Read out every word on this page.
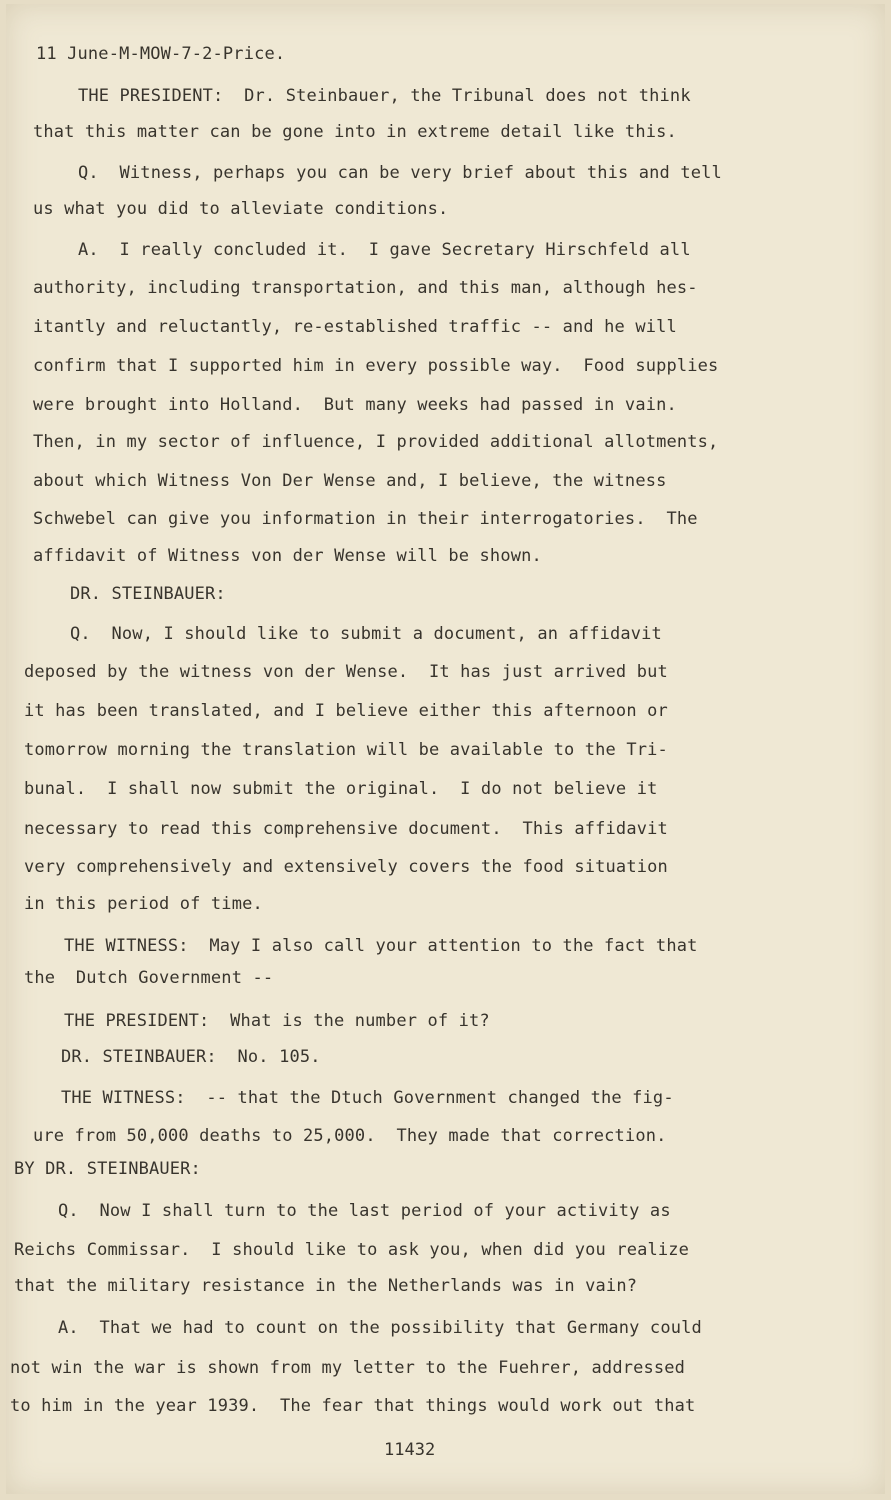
11 June-M-MOW-7-2-Price.
THE PRESIDENT:  Dr. Steinbauer, the Tribunal does not think
that this matter can be gone into in extreme detail like this.
Q.  Witness, perhaps you can be very brief about this and tell
us what you did to alleviate conditions.
A.  I really concluded it.  I gave Secretary Hirschfeld all
authority, including transportation, and this man, although hes-
itantly and reluctantly, re-established traffic -- and he will
confirm that I supported him in every possible way.  Food supplies
were brought into Holland.  But many weeks had passed in vain.
Then, in my sector of influence, I provided additional allotments,
about which Witness Von Der Wense and, I believe, the witness
Schwebel can give you information in their interrogatories.  The
affidavit of Witness von der Wense will be shown.
DR. STEINBAUER:
Q.  Now, I should like to submit a document, an affidavit
deposed by the witness von der Wense.  It has just arrived but
it has been translated, and I believe either this afternoon or
tomorrow morning the translation will be available to the Tri-
bunal.  I shall now submit the original.  I do not believe it
necessary to read this comprehensive document.  This affidavit
very comprehensively and extensively covers the food situation
in this period of time.
THE WITNESS:  May I also call your attention to the fact that
the  Dutch Government --
THE PRESIDENT:  What is the number of it?
DR. STEINBAUER:  No. 105.
THE WITNESS:  -- that the Dtuch Government changed the fig-
ure from 50,000 deaths to 25,000.  They made that correction.
BY DR. STEINBAUER:
Q.  Now I shall turn to the last period of your activity as
Reichs Commissar.  I should like to ask you, when did you realize
that the military resistance in the Netherlands was in vain?
A.  That we had to count on the possibility that Germany could
not win the war is shown from my letter to the Fuehrer, addressed
to him in the year 1939.  The fear that things would work out that
11432
